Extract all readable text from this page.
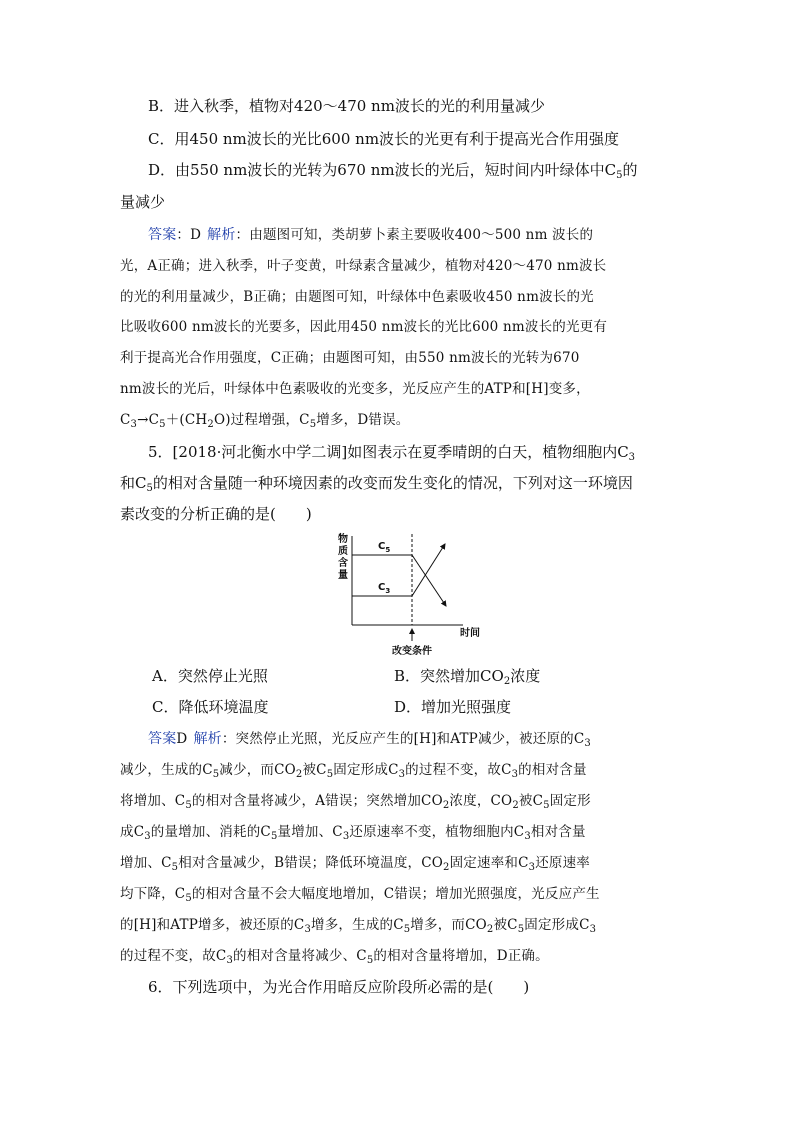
B．进入秋季，植物对420～470 nm波长的光的利用量减少
C．用450 nm波长的光比600 nm波长的光更有利于提高光合作用强度
D．由550 nm波长的光转为670 nm波长的光后，短时间内叶绿体中$C_5$的
量减少
答案：D 解析：由题图可知，类胡萝卜素主要吸收400～500 nm 波长的
光，A正确；进入秋季，叶子变黄，叶绿素含量减少，植物对420～470 nm波长
的光的利用量减少，B正确；由题图可知，叶绿体中色素吸收450 nm波长的光
比吸收600 nm波长的光要多，因此用450 nm波长的光比600 nm波长的光更有
利于提高光合作用强度，C正确；由题图可知，由550 nm波长的光转为670
nm波长的光后，叶绿体中色素吸收的光变多，光反应产生的ATP和[H]变多，
$C_3\to C_5+(CH_2O)$过程增强，$C_5$增多，D错误。
5．[2018·河北衡水中学二调]如图表示在夏季晴朗的白天，植物细胞内$C_3$
和$C_5$的相对含量随一种环境因素的改变而发生变化的情况，下列对这一环境因
素改变的分析正确的是(　　)
物 质 含 量
时间
$C_5$
$C_3$
改变条件
A．突然停止光照	B．突然增加$CO_2$浓度
C．降低环境温度	D．增加光照强度
答案D 解析：突然停止光照，光反应产生的[H]和ATP减少，被还原的$C_3$
减少，生成的$C_5$减少，而$CO_2$被$C_5$固定形成$C_3$的过程不变，故$C_3$的相对含量
将增加、$C_5$的相对含量将减少，A错误；突然增加$CO_2$浓度，$CO_2$被$C_5$固定形
成$C_3$的量增加、消耗的$C_5$量增加、$C_3$还原速率不变，植物细胞内$C_3$相对含量
增加、$C_5$相对含量减少，B错误；降低环境温度，$CO_2$固定速率和$C_3$还原速率
均下降，$C_5$的相对含量不会大幅度地增加，C错误；增加光照强度，光反应产生
的[H]和ATP增多，被还原的$C_3$增多，生成的$C_5$增多，而$CO_2$被$C_5$固定形成$C_3$
的过程不变，故$C_3$的相对含量将减少、$C_5$的相对含量将增加，D正确。
6．下列选项中，为光合作用暗反应阶段所必需的是(　　)
